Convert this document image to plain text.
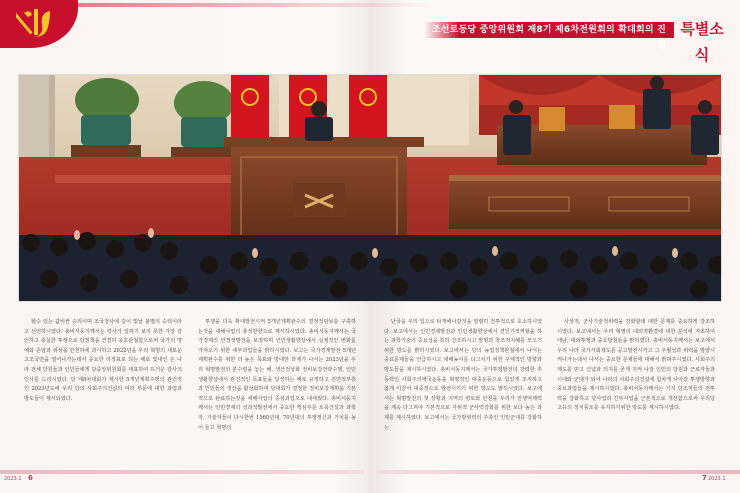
조선로동당 중앙위원회 제8기 제6차전원회의 확대회의 진행
특별소식

할수 있는 값비싼 승리이며 조국청사에 길이 빛날 불멸의 승리이라고 선언하시였다. 총비서동지께서는 력사가 일찌기 보지 못한 가장 강인하고 충실한 투쟁으로 당정책을 견결히 옹호관철함으로써 국가의 명예와 존엄과 위상을 만천하에 과시하고 2022년을 우리 혁명의 새로운 고조국면을 열어나가는데서 중요한 리정표로 되는 해로 빛내인 온 나라 전체 당원들과 인민들에게 당중앙위원회를 대표하여 뜨거운 감사의 인사를 드리시였다. 당 제8차대회가 제시한 5개년계획수행의 관건적인 2023년도에 우리 당의 사회주의건설의 여러 부문에 대한 과업과 방도들이 제시되였다.

투쟁을 더욱 확대발전시켜 5개년계획완수의 결정적담보를 구축하는것을 새해사업의 총적방향으로 제시하시였다. 총비서동지께서는 국가경제의 안정적발전을 보장하며 인민생활향상에서 실제적인 변화를 가져오기 위한 세부과업들을 밝히시였다. 보고는 국가경제발전 5개년계획완수를 위한 더 높은 목표와 방대한 과제가 나서는 2023년을 우리 혁명발전의 분수령을 놓는 해, 생산정상화 정비보강전략수행, 인민생활향상에서 관건적인 목표들을 달성하는 해로 규정하고 전면적부흥과 인민들의 생산을 활성화하며 당대회가 결정한 정비보강계획을 기본적으로 완료하는것을 새해사업의 중심과업으로 내세웠다. 총비서동지께서는 인민경제의 성과적발전에서 중요한 핵심부문 토목건설과 과학자, 기술자들이 다시한번 1960년대, 70년대의 투쟁정신과 기치를 높이 들고 혁명의

난국을 우리 힘으로 타개해나갈것을 열렬히 전투적으로 호소하시였다. 보고에서는 인민경제발전과 인민생활향상에서 견인기적역할을 하는 과학기술의 중요성을 특히 강조하시고 발명과 창조적지혜를 모으기 위한 방도를 밝히시였다. 보고에서는 당의 농업정책관철에서 나서는 중요문제들을 언급하시고 새해농사를 다그치기 위한 구체적인 방향과 방도들을 제시하시였다. 총비서동지께서는 국가투쟁발전의 강력한 추동력인 사회주의애국운동을 혁명적인 대중운동으로 힘있게 조직하고 옳게 이끌어 대중적으로 발전시키기 위한 방도도 밝히시였다. 보고에서는 혁명발전의 첫 상황과 지역의 령토와 안전을 우리가 전쟁억제력을 계속 다그쳐야 기본적으로 자위적 군사력강화를 위한 보다 높은 과제를 제시하였다. 보고에서는 국가방위력의 주축인 인민군대를 강화하는

사상적, 군사기술적위력을 강화할데 대한 문제를 중요하게 강조하시였다. 보고에서는 우리 혁명의 대외적환경에 대한 분석에 기초하여 대남, 대외투쟁과 중요방침들을 밝히였다. 총비서동지께서는 보고에서 우리 나라 국가사회제도를 공고발전시키고 그 우월성과 위력을 발양시켜나가는데서 나서는 중요한 문제들에 대해서 밝혀주시였다. 사회주의제도를 믿고 신념과 의지를 굳게 지켜 나갈 인민의 당원과 근로자들과 시대와 군대가 되어 나라의 사회주의건설에 힘차게 나아갈 투쟁방향과 중요과업들을 제시하시였다. 총비서동지께서는 기지 당조직들의 전투력을 강화하고 당사업과 간부사업을 근본적으로 개선함으로써 우리당 고유의 정치풍토를 유지하기위한 방도를 제시하시였다.

2023.1 6	7 2023.1
